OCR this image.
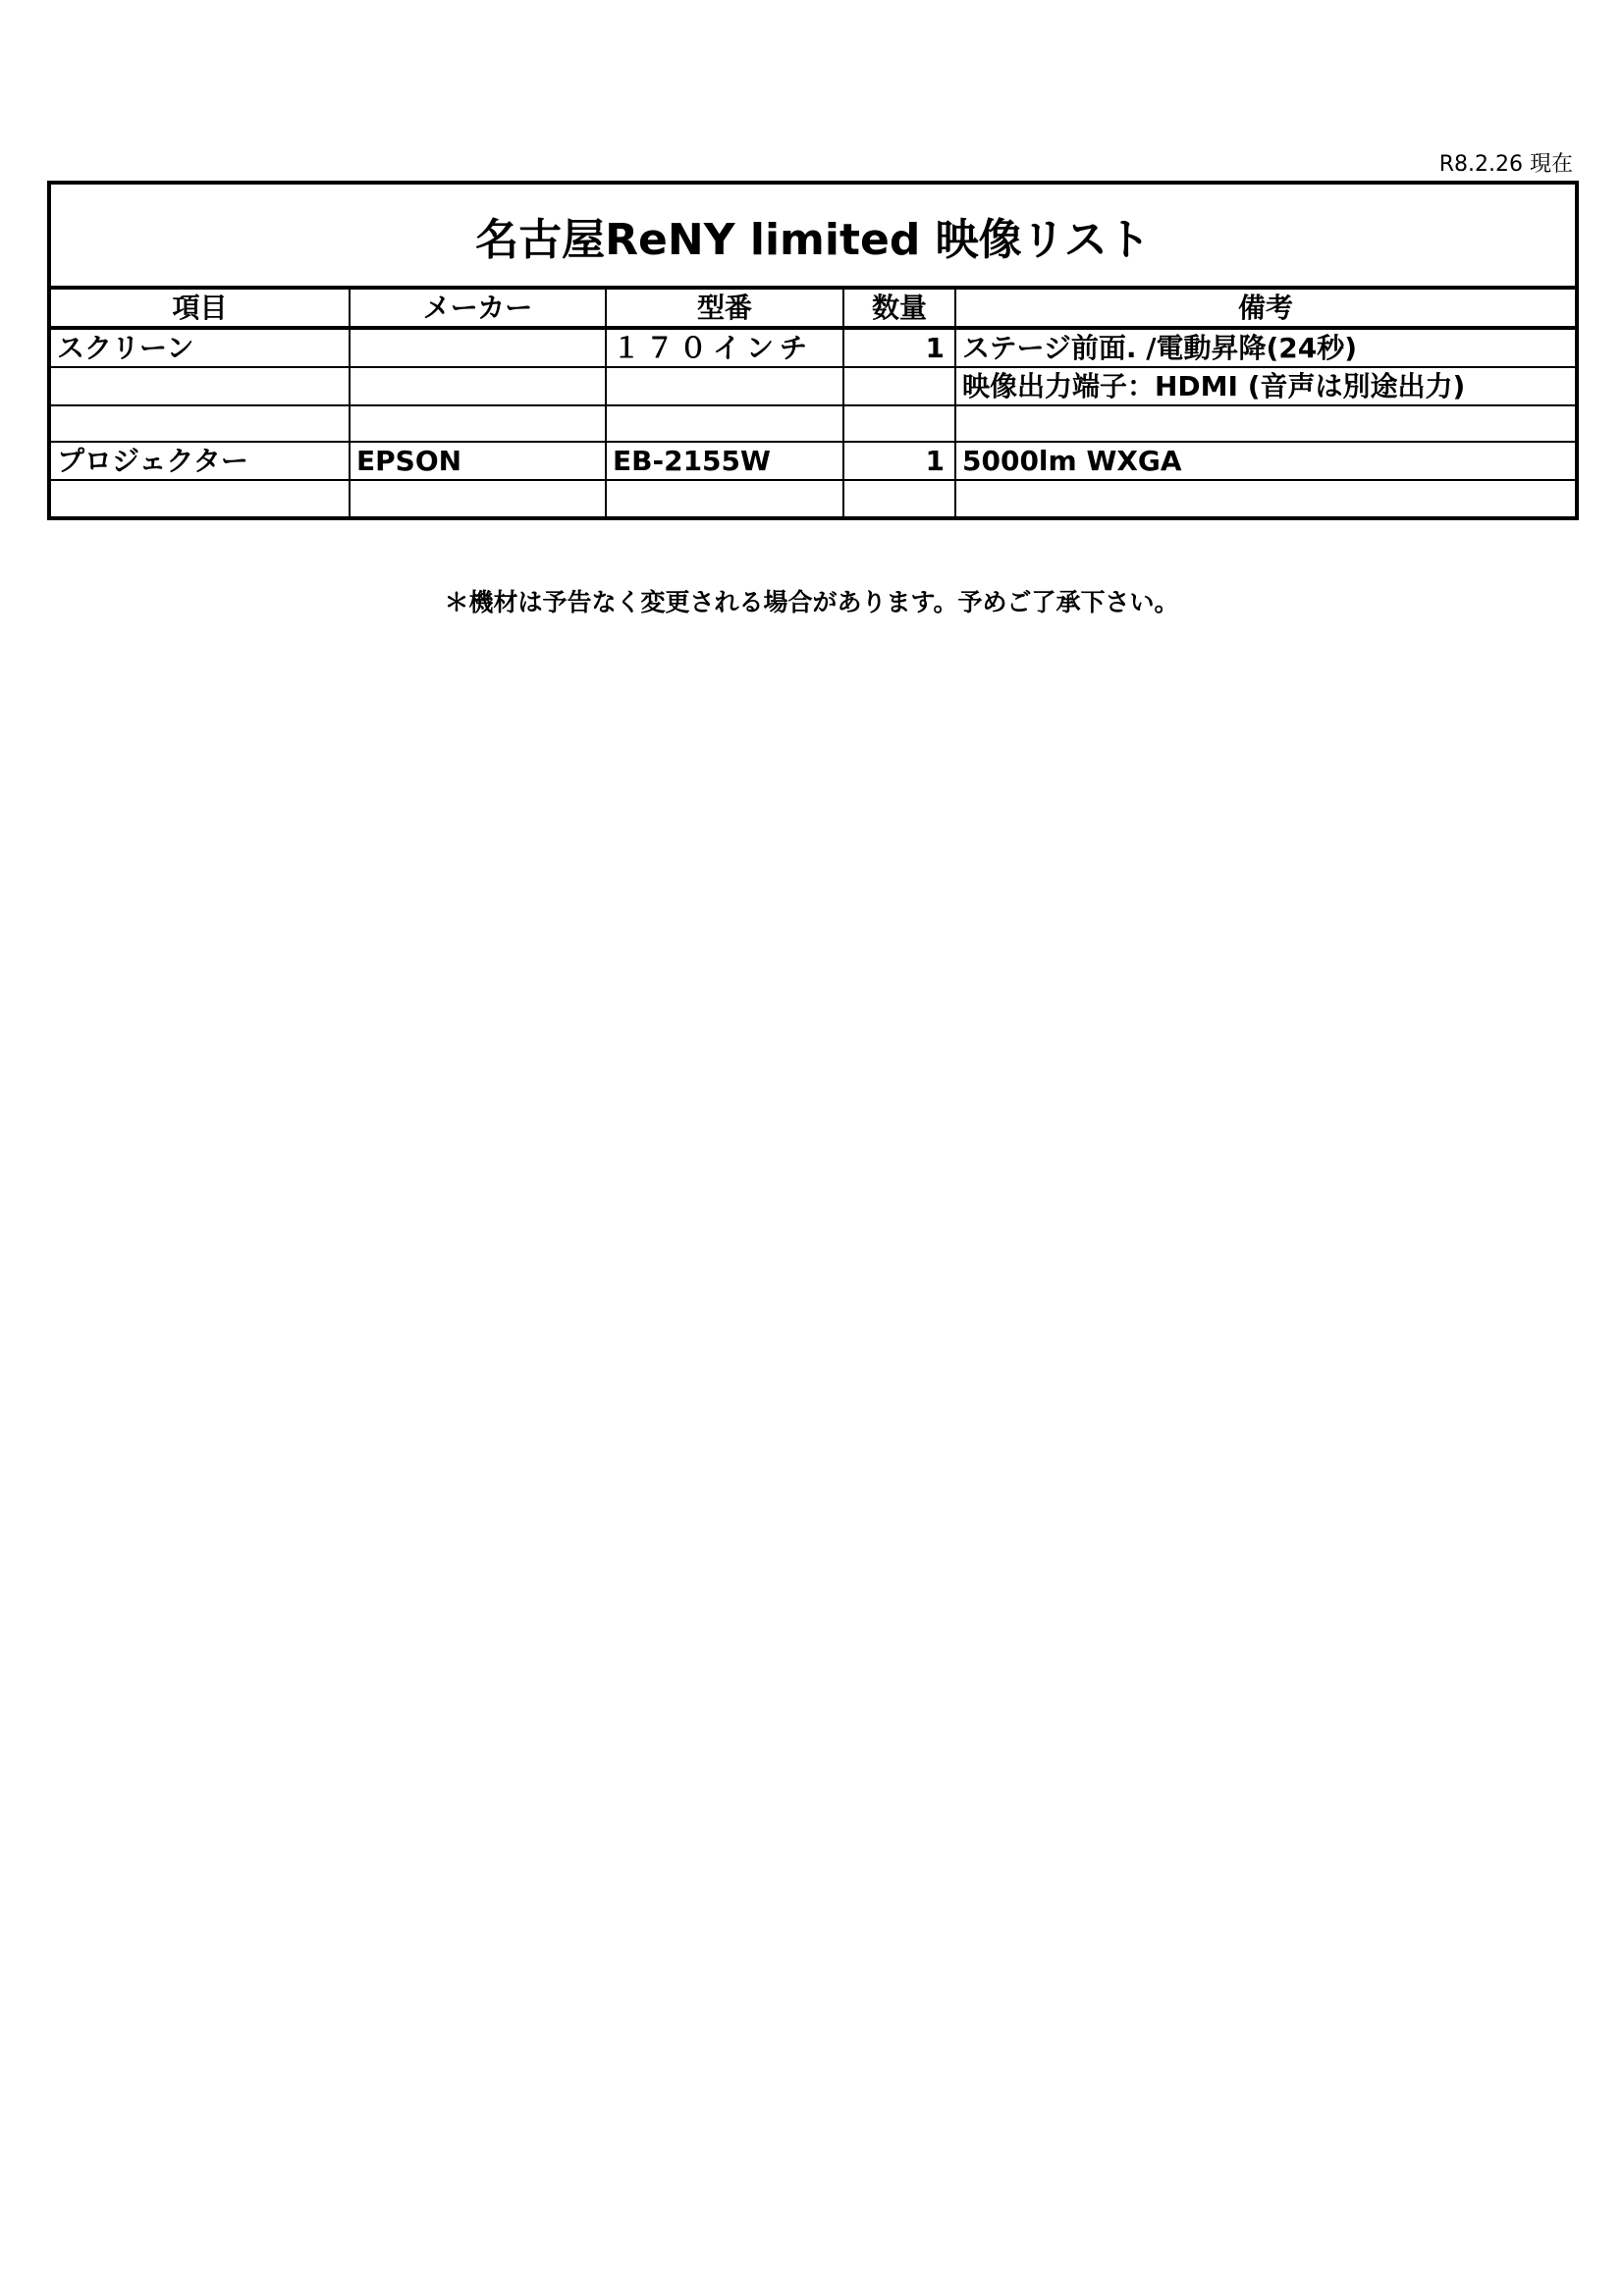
R8.2.26 現在
名古屋ReNY limited 映像リスト
項目	メーカー	型番	数量	備考
スクリーン		１７０インチ	1	ステージ前面. /電動昇降(24秒)
				映像出力端子：HDMI (音声は別途出力)

プロジェクター	EPSON	EB-2155W	1	5000lm WXGA

＊機材は予告なく変更される場合があります。予めご了承下さい。
